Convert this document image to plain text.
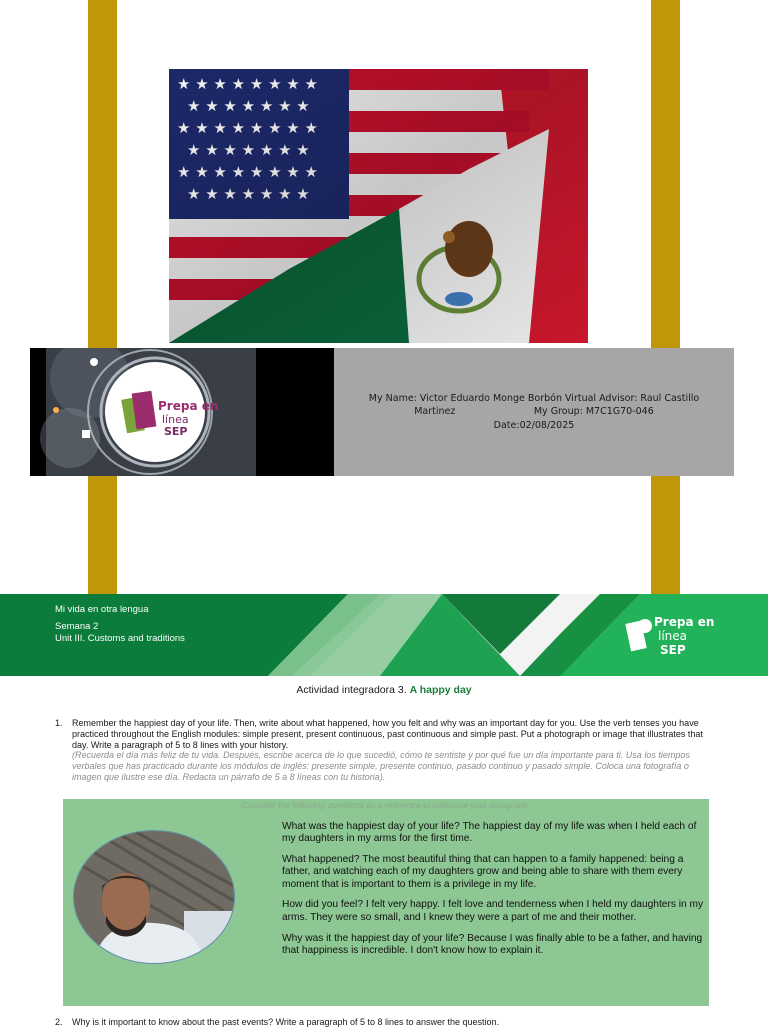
Prepa en
línea
SEP
My Name: Victor Eduardo Monge Borbón Virtual Advisor: Raul Castillo
Martinez                          My Group: M7C1G70-046
Date:02/08/2025
Prepa en
línea
SEP
Mi vida en otra lengua
Semana 2
Unit III. Customs and traditions
Actividad integradora 3. A happy day
1. Remember the happiest day of your life. Then, write about what happened, how you felt and why was an important day for you. Use the verb tenses you have practiced throughout the English modules: simple present, present continuous, past continuous and simple past. Put a photograph or image that illustrates that day. Write a paragraph of 5 to 8 lines with your history.
(Recuerda el día más feliz de tu vida. Después, escribe acerca de lo que sucedió, cómo te sentiste y por qué fue un día importante para ti. Usa los tiempos verbales que has practicado durante los módulos de inglés: presente simple, presente continuo, pasado continuo y pasado simple. Coloca una fotografía o imagen que ilustre ese día. Redacta un párrafo de 5 a 8 líneas con tu historia).
Consider the following questions as a reference to elaborate your paragraph:

What was the happiest day of your life? The happiest day of my life was when I held each of my daughters in my arms for the first time.

What happened? The most beautiful thing that can happen to a family happened: being a father, and watching each of my daughters grow and being able to share with them every moment that is important to them is a privilege in my life.

How did you feel? I felt very happy. I felt love and tenderness when I held my daughters in my arms. They were so small, and I knew they were a part of me and their mother.

Why was it the happiest day of your life? Because I was finally able to be a father, and having that happiness is incredible. I don't know how to explain it.

2. Why is it important to know about the past events? Write a paragraph of 5 to 8 lines to answer the question.
